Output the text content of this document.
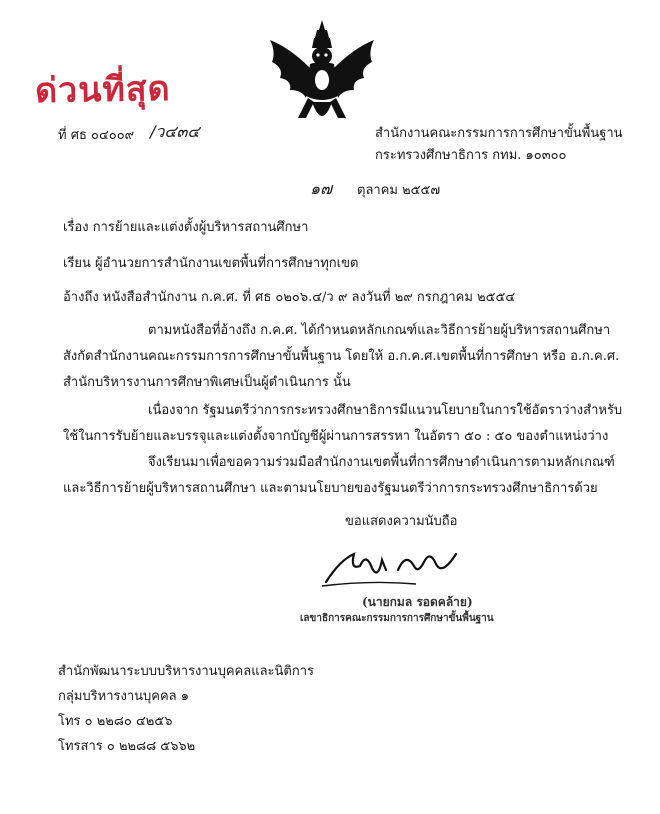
ด่วนที่สุด
ที่ ศธ ๐๔๐๐๙ /ว๔๓๔	สำนักงานคณะกรรมการการศึกษาขั้นพื้นฐาน
กระทรวงศึกษาธิการ กทม. ๑๐๓๐๐
๑๗ ตุลาคม ๒๕๕๗
เรื่อง การย้ายและแต่งตั้งผู้บริหารสถานศึกษา
เรียน ผู้อำนวยการสำนักงานเขตพื้นที่การศึกษาทุกเขต
อ้างถึง หนังสือสำนักงาน ก.ค.ศ. ที่ ศธ ๐๒๐๖.๔/ว ๙ ลงวันที่ ๒๙ กรกฎาคม ๒๕๕๔
ตามหนังสือที่อ้างถึง ก.ค.ศ. ได้กำหนดหลักเกณฑ์และวิธีการย้ายผู้บริหารสถานศึกษา สังกัดสำนักงานคณะกรรมการการศึกษาขั้นพื้นฐาน โดยให้ อ.ก.ค.ศ.เขตพื้นที่การศึกษา หรือ อ.ก.ค.ศ. สำนักบริหารงานการศึกษาพิเศษเป็นผู้ดำเนินการ นั้น
เนื่องจาก รัฐมนตรีว่าการกระทรวงศึกษาธิการมีแนวนโยบายในการใช้อัตราว่างสำหรับ ใช้ในการรับย้ายและบรรจุและแต่งตั้งจากบัญชีผู้ผ่านการสรรหา ในอัตรา ๕๐ : ๕๐ ของตำแหน่งว่าง
จึงเรียนมาเพื่อขอความร่วมมือสำนักงานเขตพื้นที่การศึกษาดำเนินการตามหลักเกณฑ์ และวิธีการย้ายผู้บริหารสถานศึกษา และตามนโยบายของรัฐมนตรีว่าการกระทรวงศึกษาธิการด้วย
ขอแสดงความนับถือ
(นายกมล รอดคล้าย)
เลขาธิการคณะกรรมการการศึกษาขั้นพื้นฐาน
สำนักพัฒนาระบบบริหารงานบุคคลและนิติการ
กลุ่มบริหารงานบุคคล ๑
โทร ๐ ๒๒๘๐ ๔๒๕๖
โทรสาร ๐ ๒๒๘๘ ๕๖๖๒
